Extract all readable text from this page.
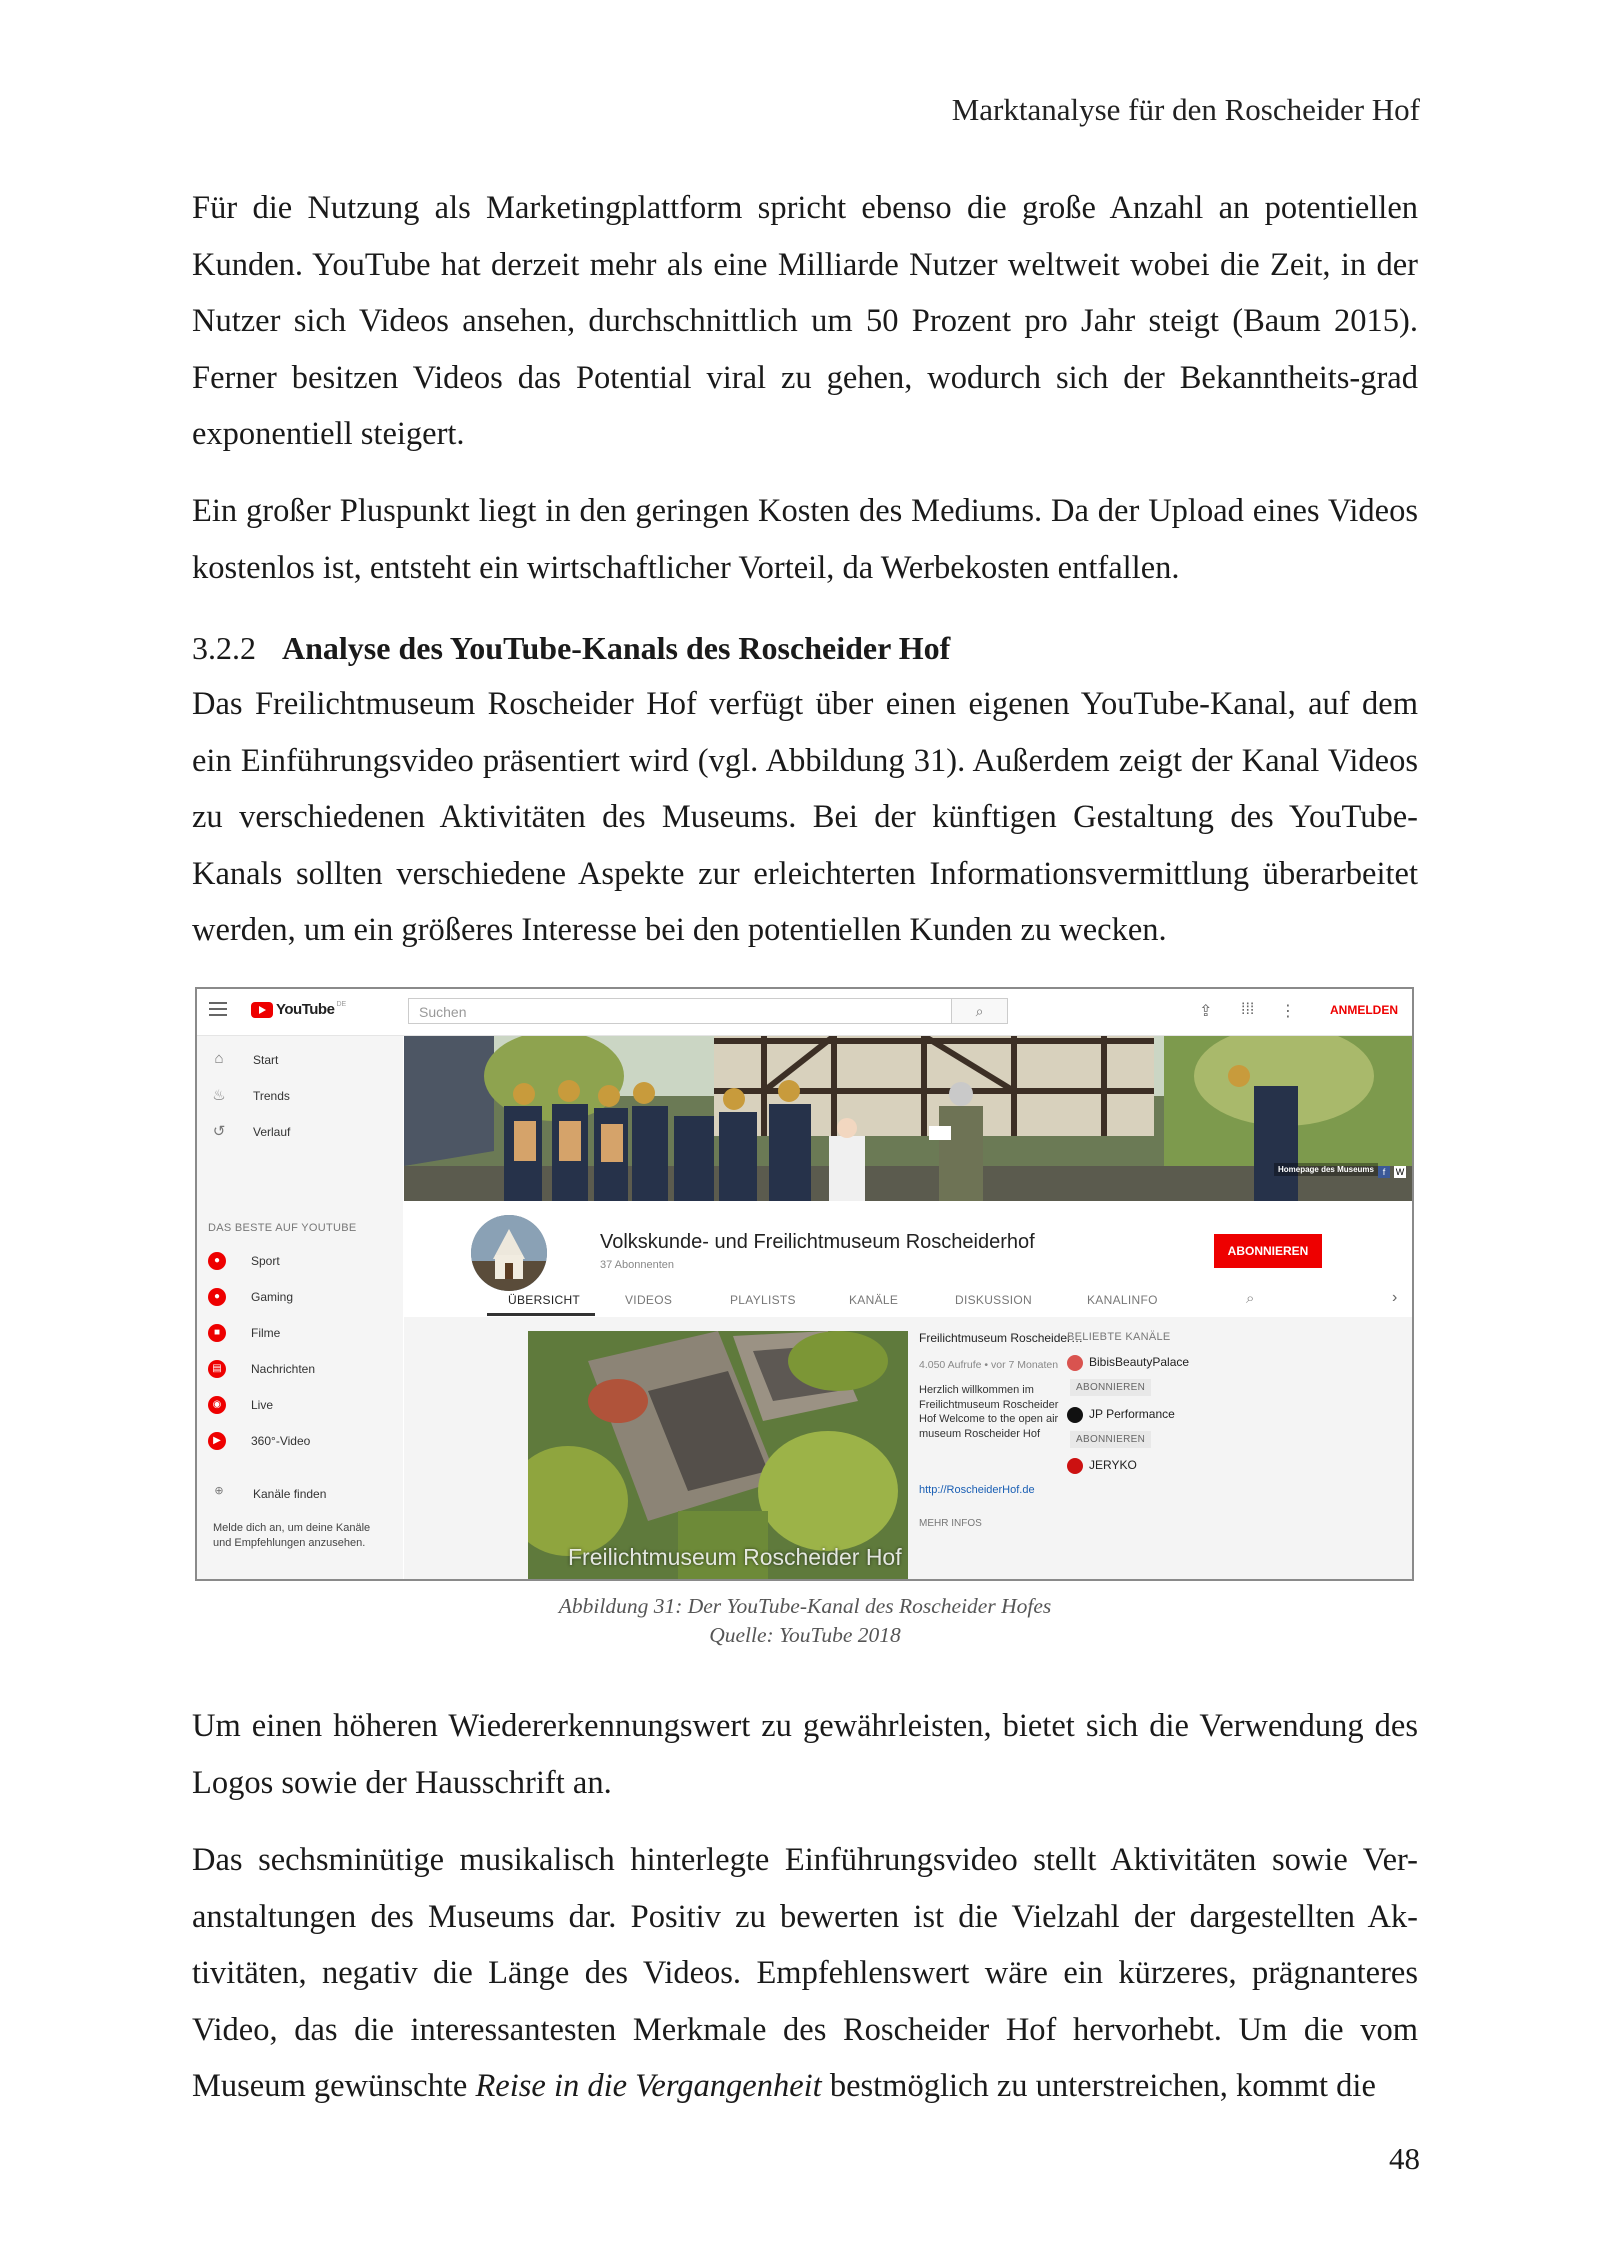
Marktanalyse für den Roscheider Hof

Für die Nutzung als Marketingplattform spricht ebenso die große Anzahl an potentiellen Kunden. YouTube hat derzeit mehr als eine Milliarde Nutzer weltweit wobei die Zeit, in der Nutzer sich Videos ansehen, durchschnittlich um 50 Prozent pro Jahr steigt (Baum 2015). Ferner besitzen Videos das Potential viral zu gehen, wodurch sich der Bekanntheits-grad exponentiell steigert.

Ein großer Pluspunkt liegt in den geringen Kosten des Mediums. Da der Upload eines Videos kostenlos ist, entsteht ein wirtschaftlicher Vorteil, da Werbekosten entfallen.

3.2.2 Analyse des YouTube-Kanals des Roscheider Hof

Das Freilichtmuseum Roscheider Hof verfügt über einen eigenen YouTube-Kanal, auf dem ein Einführungsvideo präsentiert wird (vgl. Abbildung 31). Außerdem zeigt der Kanal Videos zu verschiedenen Aktivitäten des Museums. Bei der künftigen Gestaltung des YouTube-Kanals sollten verschiedene Aspekte zur erleichterten Informationsvermittlung überarbeitet werden, um ein größeres Interesse bei den potentiellen Kunden zu wecken.

YouTube DE	Suchen	⌕	⇪ ⁞⁞⁞ ⋮	ANMELDEN
⌂	Start
♨ Trends
↺	Verlauf
DAS BESTE AUF YOUTUBE
●	Sport
●	Gaming
■	Filme
▤	Nachrichten
◉	Live
▶	360°-Video
⊕	Kanäle finden
Melde dich an, um deine Kanäle und Empfehlungen anzusehen.
Homepage des Museums f	W
Volkskunde- und Freilichtmuseum Roscheiderhof
37 Abonnenten
ABONNIEREN
ÜBERSICHT	VIDEOS	PLAYLISTS	KANÄLE	DISKUSSION	KANALINFO	⌕	›
Freilichtmuseum Roscheider Hof
Freilichtmuseum Roscheider…
4.050 Aufrufe • vor 7 Monaten
Herzlich willkommen im Freilichtmuseum Roscheider Hof Welcome to the open air museum Roscheider Hof
http://RoscheiderHof.de
MEHR INFOS
BELIEBTE KANÄLE
BibisBeautyPalace
ABONNIEREN
JP Performance
ABONNIEREN
JERYKO
Abbildung 31: Der YouTube-Kanal des Roscheider Hofes
Quelle: YouTube 2018

Um einen höheren Wiedererkennungswert zu gewährleisten, bietet sich die Verwendung des Logos sowie der Hausschrift an.

Das sechsminütige musikalisch hinterlegte Einführungsvideo stellt Aktivitäten sowie Ver-anstaltungen des Museums dar. Positiv zu bewerten ist die Vielzahl der dargestellten Ak-tivitäten, negativ die Länge des Videos. Empfehlenswert wäre ein kürzeres, prägnanteres Video, das die interessantesten Merkmale des Roscheider Hof hervorhebt. Um die vom Museum gewünschte Reise in die Vergangenheit bestmöglich zu unterstreichen, kommt die

48
